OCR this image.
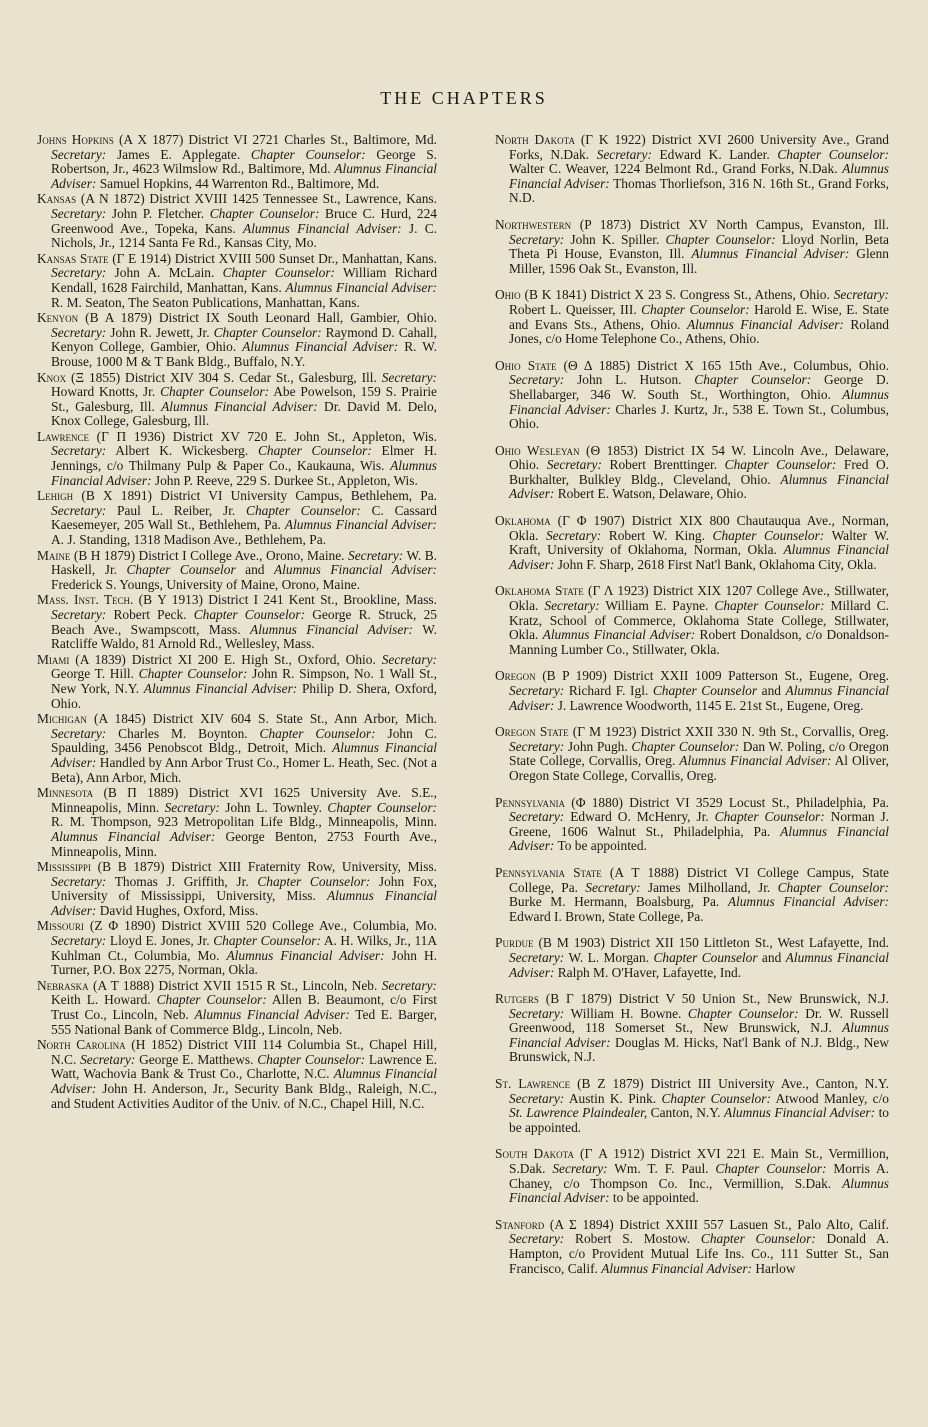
THE CHAPTERS

Johns Hopkins (A X 1877) District VI 2721 Charles St., Baltimore, Md. Secretary: James E. Applegate. Chapter Counselor: George S. Robertson, Jr., 4623 Wilmslow Rd., Baltimore, Md. Alumnus Financial Adviser: Samuel Hopkins, 44 Warrenton Rd., Baltimore, Md.

Kansas (A N 1872) District XVIII 1425 Tennessee St., Lawrence, Kans. Secretary: John P. Fletcher. Chapter Counselor: Bruce C. Hurd, 224 Greenwood Ave., Topeka, Kans. Alumnus Financial Adviser: J. C. Nichols, Jr., 1214 Santa Fe Rd., Kansas City, Mo.

Kansas State (Γ E 1914) District XVIII 500 Sunset Dr., Manhattan, Kans. Secretary: John A. McLain. Chapter Counselor: William Richard Kendall, 1628 Fairchild, Manhattan, Kans. Alumnus Financial Adviser: R. M. Seaton, The Seaton Publications, Manhattan, Kans.

Kenyon (B A 1879) District IX South Leonard Hall, Gambier, Ohio. Secretary: John R. Jewett, Jr. Chapter Counselor: Raymond D. Cahall, Kenyon College, Gambier, Ohio. Alumnus Financial Adviser: R. W. Brouse, 1000 M & T Bank Bldg., Buffalo, N.Y.

Knox (Ξ 1855) District XIV 304 S. Cedar St., Galesburg, Ill. Secretary: Howard Knotts, Jr. Chapter Counselor: Abe Powelson, 159 S. Prairie St., Galesburg, Ill. Alumnus Financial Adviser: Dr. David M. Delo, Knox College, Galesburg, Ill.

Lawrence (Γ Π 1936) District XV 720 E. John St., Appleton, Wis. Secretary: Albert K. Wickesberg. Chapter Counselor: Elmer H. Jennings, c/o Thilmany Pulp & Paper Co., Kaukauna, Wis. Alumnus Financial Adviser: John P. Reeve, 229 S. Durkee St., Appleton, Wis.

Lehigh (B X 1891) District VI University Campus, Bethlehem, Pa. Secretary: Paul L. Reiber, Jr. Chapter Counselor: C. Cassard Kaesemeyer, 205 Wall St., Bethlehem, Pa. Alumnus Financial Adviser: A. J. Standing, 1318 Madison Ave., Bethlehem, Pa.

Maine (B H 1879) District I College Ave., Orono, Maine. Secretary: W. B. Haskell, Jr. Chapter Counselor and Alumnus Financial Adviser: Frederick S. Youngs, University of Maine, Orono, Maine.

Mass. Inst. Tech. (B Υ 1913) District I 241 Kent St., Brookline, Mass. Secretary: Robert Peck. Chapter Counselor: George R. Struck, 25 Beach Ave., Swampscott, Mass. Alumnus Financial Adviser: W. Ratcliffe Waldo, 81 Arnold Rd., Wellesley, Mass.

Miami (A 1839) District XI 200 E. High St., Oxford, Ohio. Secretary: George T. Hill. Chapter Counselor: John R. Simpson, No. 1 Wall St., New York, N.Y. Alumnus Financial Adviser: Philip D. Shera, Oxford, Ohio.

Michigan (A 1845) District XIV 604 S. State St., Ann Arbor, Mich. Secretary: Charles M. Boynton. Chapter Counselor: John C. Spaulding, 3456 Penobscot Bldg., Detroit, Mich. Alumnus Financial Adviser: Handled by Ann Arbor Trust Co., Homer L. Heath, Sec. (Not a Beta), Ann Arbor, Mich.

Minnesota (B Π 1889) District XVI 1625 University Ave. S.E., Minneapolis, Minn. Secretary: John L. Townley. Chapter Counselor: R. M. Thompson, 923 Metropolitan Life Bldg., Minneapolis, Minn. Alumnus Financial Adviser: George Benton, 2753 Fourth Ave., Minneapolis, Minn.

Mississippi (B B 1879) District XIII Fraternity Row, University, Miss. Secretary: Thomas J. Griffith, Jr. Chapter Counselor: John Fox, University of Mississippi, University, Miss. Alumnus Financial Adviser: David Hughes, Oxford, Miss.

Missouri (Z Φ 1890) District XVIII 520 College Ave., Columbia, Mo. Secretary: Lloyd E. Jones, Jr. Chapter Counselor: A. H. Wilks, Jr., 11A Kuhlman Ct., Columbia, Mo. Alumnus Financial Adviser: John H. Turner, P.O. Box 2275, Norman, Okla.

Nebraska (A T 1888) District XVII 1515 R St., Lincoln, Neb. Secretary: Keith L. Howard. Chapter Counselor: Allen B. Beaumont, c/o First Trust Co., Lincoln, Neb. Alumnus Financial Adviser: Ted E. Barger, 555 National Bank of Commerce Bldg., Lincoln, Neb.

North Carolina (H 1852) District VIII 114 Columbia St., Chapel Hill, N.C. Secretary: George E. Matthews. Chapter Counselor: Lawrence E. Watt, Wachovia Bank & Trust Co., Charlotte, N.C. Alumnus Financial Adviser: John H. Anderson, Jr., Security Bank Bldg., Raleigh, N.C., and Student Activities Auditor of the Univ. of N.C., Chapel Hill, N.C.

North Dakota (Γ K 1922) District XVI 2600 University Ave., Grand Forks, N.Dak. Secretary: Edward K. Lander. Chapter Counselor: Walter C. Weaver, 1224 Belmont Rd., Grand Forks, N.Dak. Alumnus Financial Adviser: Thomas Thorliefson, 316 N. 16th St., Grand Forks, N.D.

Northwestern (P 1873) District XV North Campus, Evanston, Ill. Secretary: John K. Spiller. Chapter Counselor: Lloyd Norlin, Beta Theta Pi House, Evanston, Ill. Alumnus Financial Adviser: Glenn Miller, 1596 Oak St., Evanston, Ill.

Ohio (B K 1841) District X 23 S. Congress St., Athens, Ohio. Secretary: Robert L. Queisser, III. Chapter Counselor: Harold E. Wise, E. State and Evans Sts., Athens, Ohio. Alumnus Financial Adviser: Roland Jones, c/o Home Telephone Co., Athens, Ohio.

Ohio State (Θ Δ 1885) District X 165 15th Ave., Columbus, Ohio. Secretary: John L. Hutson. Chapter Counselor: George D. Shellabarger, 346 W. South St., Worthington, Ohio. Alumnus Financial Adviser: Charles J. Kurtz, Jr., 538 E. Town St., Columbus, Ohio.

Ohio Wesleyan (Θ 1853) District IX 54 W. Lincoln Ave., Delaware, Ohio. Secretary: Robert Brenttinger. Chapter Counselor: Fred O. Burkhalter, Bulkley Bldg., Cleveland, Ohio. Alumnus Financial Adviser: Robert E. Watson, Delaware, Ohio.

Oklahoma (Γ Φ 1907) District XIX 800 Chautauqua Ave., Norman, Okla. Secretary: Robert W. King. Chapter Counselor: Walter W. Kraft, University of Oklahoma, Norman, Okla. Alumnus Financial Adviser: John F. Sharp, 2618 First Nat'l Bank, Oklahoma City, Okla.

Oklahoma State (Γ Λ 1923) District XIX 1207 College Ave., Stillwater, Okla. Secretary: William E. Payne. Chapter Counselor: Millard C. Kratz, School of Commerce, Oklahoma State College, Stillwater, Okla. Alumnus Financial Adviser: Robert Donaldson, c/o Donaldson-Manning Lumber Co., Stillwater, Okla.

Oregon (B P 1909) District XXII 1009 Patterson St., Eugene, Oreg. Secretary: Richard F. Igl. Chapter Counselor and Alumnus Financial Adviser: J. Lawrence Woodworth, 1145 E. 21st St., Eugene, Oreg.

Oregon State (Γ M 1923) District XXII 330 N. 9th St., Corvallis, Oreg. Secretary: John Pugh. Chapter Counselor: Dan W. Poling, c/o Oregon State College, Corvallis, Oreg. Alumnus Financial Adviser: Al Oliver, Oregon State College, Corvallis, Oreg.

Pennsylvania (Φ 1880) District VI 3529 Locust St., Philadelphia, Pa. Secretary: Edward O. McHenry, Jr. Chapter Counselor: Norman J. Greene, 1606 Walnut St., Philadelphia, Pa. Alumnus Financial Adviser: To be appointed.

Pennsylvania State (A Τ 1888) District VI College Campus, State College, Pa. Secretary: James Milholland, Jr. Chapter Counselor: Burke M. Hermann, Boalsburg, Pa. Alumnus Financial Adviser: Edward I. Brown, State College, Pa.

Purdue (B M 1903) District XII 150 Littleton St., West Lafayette, Ind. Secretary: W. L. Morgan. Chapter Counselor and Alumnus Financial Adviser: Ralph M. O'Haver, Lafayette, Ind.

Rutgers (B Γ 1879) District V 50 Union St., New Brunswick, N.J. Secretary: William H. Bowne. Chapter Counselor: Dr. W. Russell Greenwood, 118 Somerset St., New Brunswick, N.J. Alumnus Financial Adviser: Douglas M. Hicks, Nat'l Bank of N.J. Bldg., New Brunswick, N.J.

St. Lawrence (B Z 1879) District III University Ave., Canton, N.Y. Secretary: Austin K. Pink. Chapter Counselor: Atwood Manley, c/o St. Lawrence Plaindealer, Canton, N.Y. Alumnus Financial Adviser: to be appointed.

South Dakota (Γ A 1912) District XVI 221 E. Main St., Vermillion, S.Dak. Secretary: Wm. T. F. Paul. Chapter Counselor: Morris A. Chaney, c/o Thompson Co. Inc., Vermillion, S.Dak. Alumnus Financial Adviser: to be appointed.

Stanford (A Σ 1894) District XXIII 557 Lasuen St., Palo Alto, Calif. Secretary: Robert S. Mostow. Chapter Counselor: Donald A. Hampton, c/o Provident Mutual Life Ins. Co., 111 Sutter St., San Francisco, Calif. Alumnus Financial Adviser: Harlow
